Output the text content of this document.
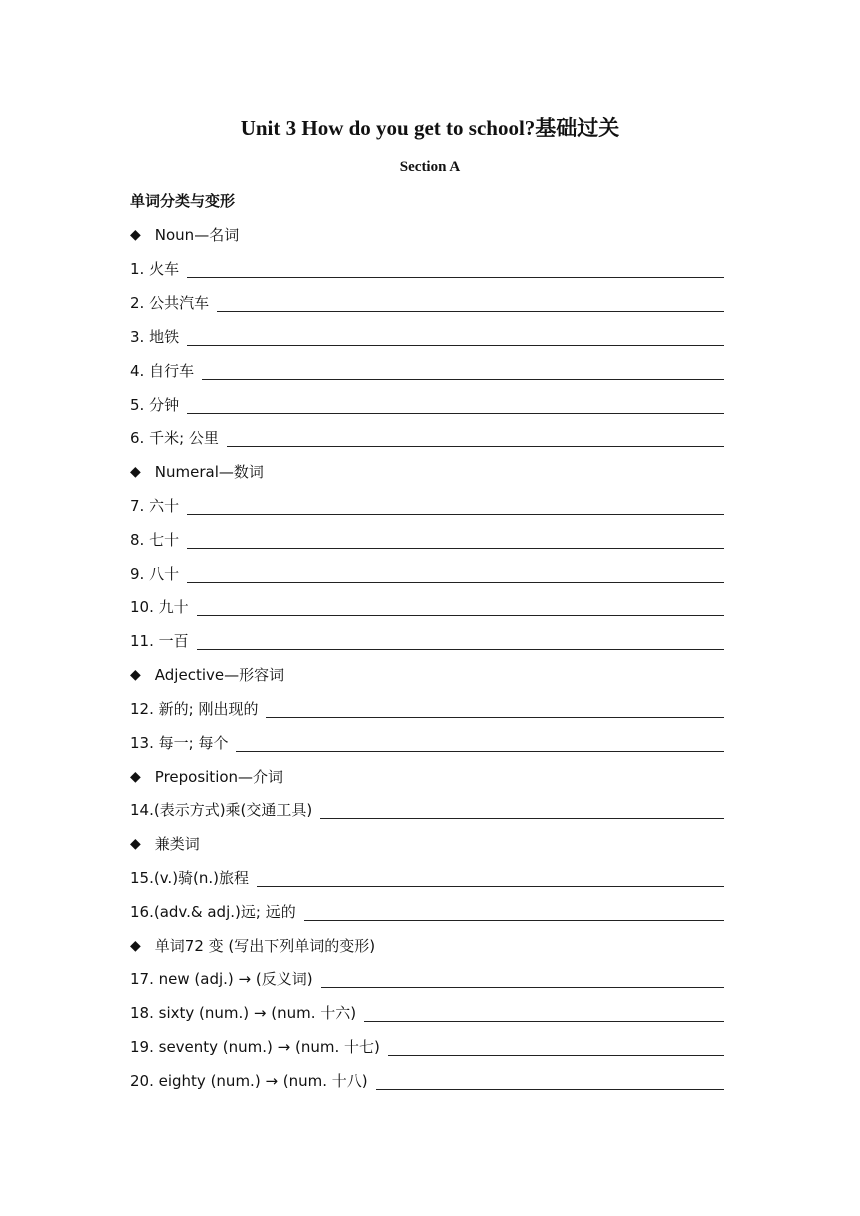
Unit 3 How do you get to school?基础过关
Section A
单词分类与变形
◆ Noun—名词
1. 火车
2. 公共汽车
3. 地铁
4. 自行车
5. 分钟
6. 千米; 公里
◆ Numeral—数词
7. 六十
8. 七十
9. 八十
10. 九十
11. 一百
◆ Adjective—形容词
12. 新的; 刚出现的
13. 每一; 每个
◆ Preposition—介词
14.(表示方式)乘(交通工具)
◆ 兼类词
15.(v.)骑(n.)旅程
16.(adv.& adj.)远; 远的
◆ 单词72 变 (写出下列单词的变形)
17. new (adj.) → (反义词)
18. sixty (num.) → (num. 十六)
19. seventy (num.) → (num. 十七)
20. eighty (num.) → (num. 十八)
